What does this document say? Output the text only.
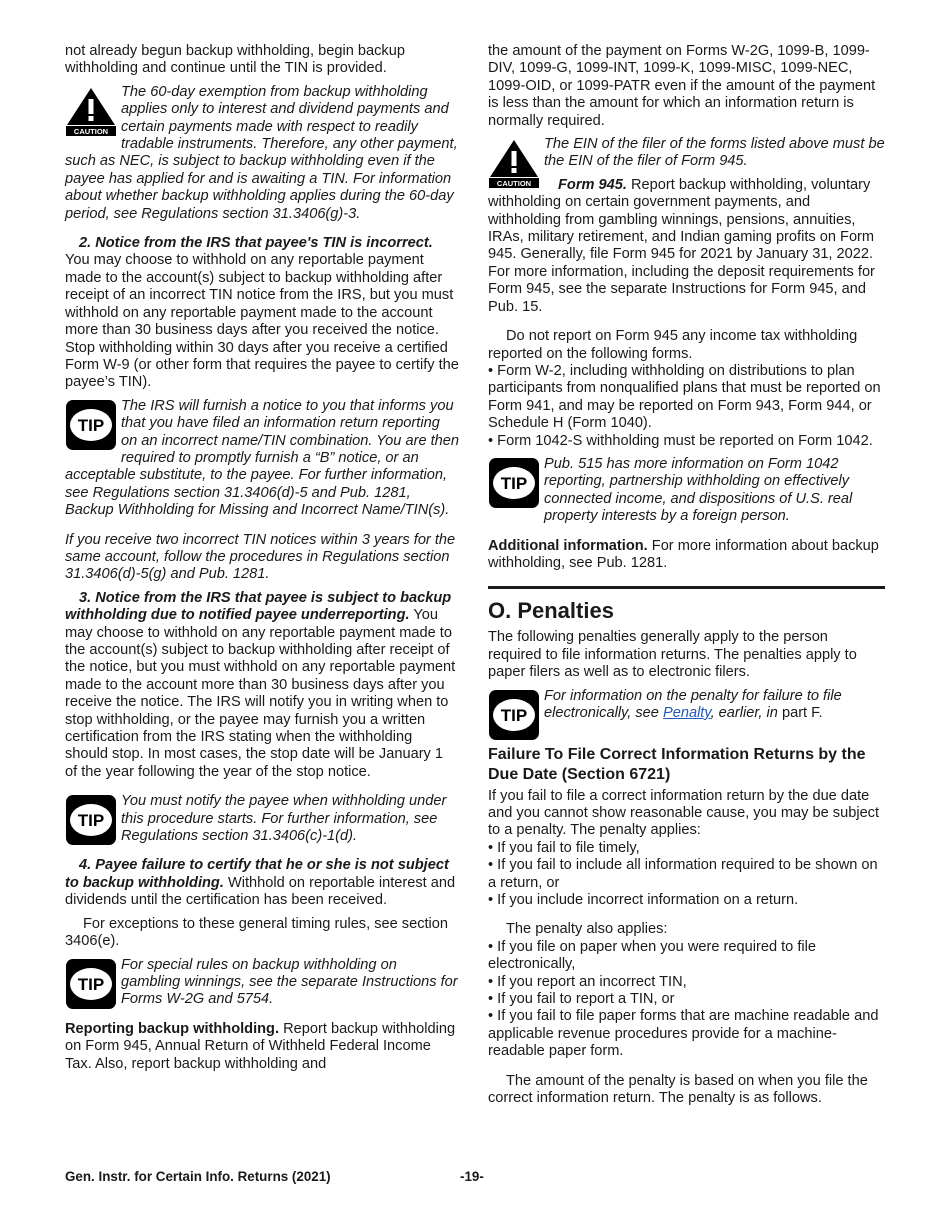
not already begun backup withholding, begin backup withholding and continue until the TIN is provided.

CAUTION

The 60-day exemption from backup withholding applies only to interest and dividend payments and certain payments made with respect to readily tradable instruments. Therefore, any other payment, such as NEC, is subject to backup withholding even if the payee has applied for and is awaiting a TIN. For information about whether backup withholding applies during the 60-day period, see Regulations section 31.3406(g)-3.

2. Notice from the IRS that payee's TIN is incorrect. You may choose to withhold on any reportable payment made to the account(s) subject to backup withholding after receipt of an incorrect TIN notice from the IRS, but you must withhold on any reportable payment made to the account more than 30 business days after you received the notice. Stop withholding within 30 days after you receive a certified Form W-9 (or other form that requires the payee to certify the payee’s TIN).

TIP

The IRS will furnish a notice to you that informs you that you have filed an information return reporting on an incorrect name/TIN combination. You are then required to promptly furnish a “B” notice, or an acceptable substitute, to the payee. For further information, see Regulations section 31.3406(d)-5 and Pub. 1281, Backup Withholding for Missing and Incorrect Name/TIN(s).

If you receive two incorrect TIN notices within 3 years for the same account, follow the procedures in Regulations section 31.3406(d)-5(g) and Pub. 1281.

3. Notice from the IRS that payee is subject to backup withholding due to notified payee underreporting. You may choose to withhold on any reportable payment made to the account(s) subject to backup withholding after receipt of the notice, but you must withhold on any reportable payment made to the account more than 30 business days after you receive the notice. The IRS will notify you in writing when to stop withholding, or the payee may furnish you a written certification from the IRS stating when the withholding should stop. In most cases, the stop date will be January 1 of the year following the year of the stop notice.

TIP

You must notify the payee when withholding under this procedure starts. For further information, see Regulations section 31.3406(c)-1(d).

4. Payee failure to certify that he or she is not subject to backup withholding. Withhold on reportable interest and dividends until the certification has been received.

For exceptions to these general timing rules, see section 3406(e).

TIP

For special rules on backup withholding on gambling winnings, see the separate Instructions for Forms W-2G and 5754.

Reporting backup withholding. Report backup withholding on Form 945, Annual Return of Withheld Federal Income Tax. Also, report backup withholding and

the amount of the payment on Forms W-2G, 1099-B, 1099-DIV, 1099-G, 1099-INT, 1099-K, 1099-MISC, 1099-NEC, 1099-OID, or 1099-PATR even if the amount of the payment is less than the amount for which an information return is normally required.

CAUTION

The EIN of the filer of the forms listed above must be the EIN of the filer of Form 945.

Form 945. Report backup withholding, voluntary withholding on certain government payments, and withholding from gambling winnings, pensions, annuities, IRAs, military retirement, and Indian gaming profits on Form 945. Generally, file Form 945 for 2021 by January 31, 2022. For more information, including the deposit requirements for Form 945, see the separate Instructions for Form 945, and Pub. 15.

Do not report on Form 945 any income tax withholding reported on the following forms.

• Form W-2, including withholding on distributions to plan participants from nonqualified plans that must be reported on Form 941, and may be reported on Form 943, Form 944, or Schedule H (Form 1040).

• Form 1042-S withholding must be reported on Form 1042.

TIP

Pub. 515 has more information on Form 1042 reporting, partnership withholding on effectively connected income, and dispositions of U.S. real property interests by a foreign person.

Additional information. For more information about backup withholding, see Pub. 1281.

O. Penalties

The following penalties generally apply to the person required to file information returns. The penalties apply to paper filers as well as to electronic filers.

TIP

For information on the penalty for failure to file electronically, see Penalty, earlier, in part F.

Failure To File Correct Information Returns by the Due Date (Section 6721)

If you fail to file a correct information return by the due date and you cannot show reasonable cause, you may be subject to a penalty. The penalty applies:

• If you fail to file timely,

• If you fail to include all information required to be shown on a return, or

• If you include incorrect information on a return.

The penalty also applies:

• If you file on paper when you were required to file electronically,

• If you report an incorrect TIN,

• If you fail to report a TIN, or

• If you fail to file paper forms that are machine readable and applicable revenue procedures provide for a machine-readable paper form.

The amount of the penalty is based on when you file the correct information return. The penalty is as follows.

Gen. Instr. for Certain Info. Returns (2021)	-19-
